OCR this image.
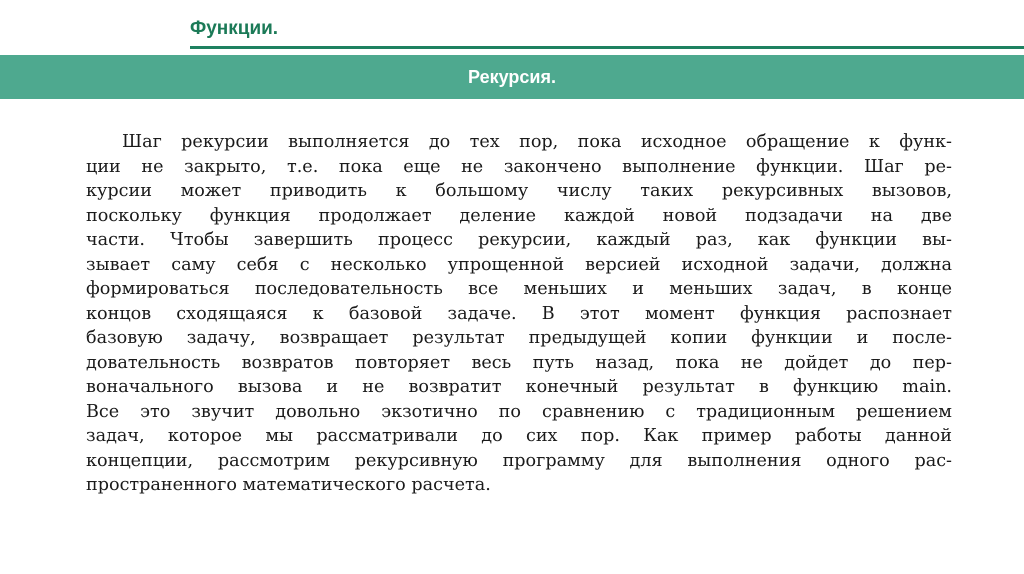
Функции.
Рекурсия.
Шаг рекурсии выполняется до тех пор, пока исходное обращение к функ-
ции не закрыто, т.е. пока еще не закончено выполнение функции. Шаг ре-
курсии может приводить к большому числу таких рекурсивных вызовов,
поскольку функция продолжает деление каждой новой подзадачи на две
части. Чтобы завершить процесс рекурсии, каждый раз, как функции вы-
зывает саму себя с несколько упрощенной версией исходной задачи, должна
формироваться последовательность все меньших и меньших задач, в конце
концов сходящаяся к базовой задаче. В этот момент функция распознает
базовую задачу, возвращает результат предыдущей копии функции и после-
довательность возвратов повторяет весь путь назад, пока не дойдет до пер-
воначального вызова и не возвратит конечный результат в функцию main.
Все это звучит довольно экзотично по сравнению с традиционным решением
задач, которое мы рассматривали до сих пор. Как пример работы данной
концепции, рассмотрим рекурсивную программу для выполнения одного рас-
пространенного математического расчета.
